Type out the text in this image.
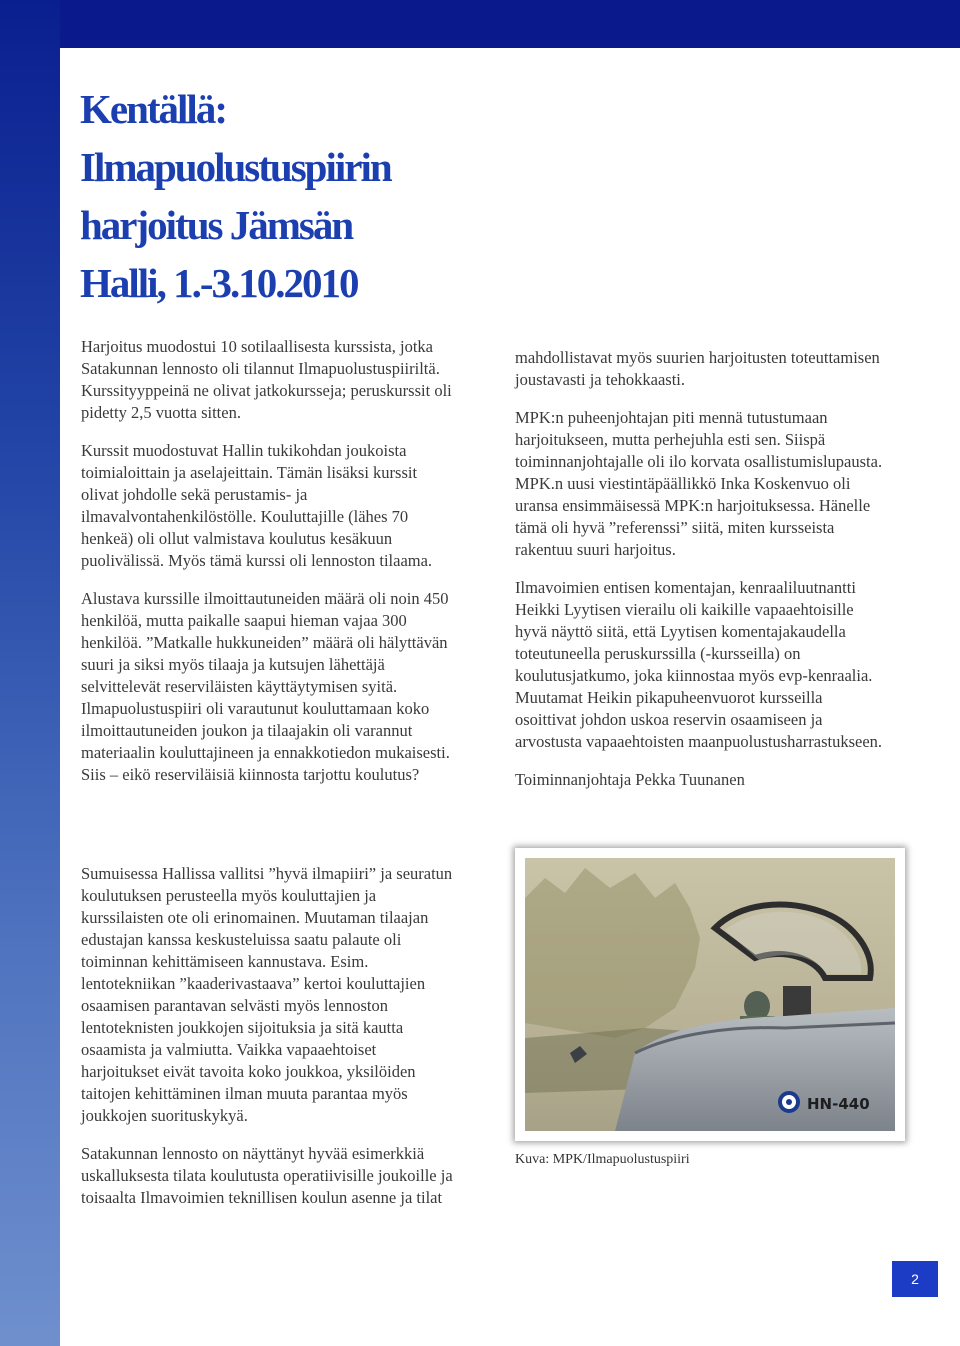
Kentällä:
Ilmapuolustuspiirin
harjoitus Jämsän
Halli, 1.-3.10.2010

Harjoitus muodostui 10 sotilaallisesta kurssista, jotka Satakunnan lennosto oli tilannut Ilmapuolustuspiiriltä. Kurssityyppeinä ne olivat jatkokursseja; peruskurssit oli pidetty 2,5 vuotta sitten.

Kurssit muodostuvat Hallin tukikohdan joukoista toimialoittain ja aselajeittain. Tämän lisäksi kurssit olivat johdolle sekä perustamis- ja ilmavalvontahenkilöstölle. Kouluttajille (lähes 70 henkeä) oli ollut valmistava koulutus kesäkuun puolivälissä. Myös tämä kurssi oli lennoston tilaama.

Alustava kurssille ilmoittautuneiden määrä oli noin 450 henkilöä, mutta paikalle saapui hieman vajaa 300 henkilöä. ”Matkalle hukkuneiden” määrä oli hälyttävän suuri ja siksi myös tilaaja ja kutsujen lähettäjä selvittelevät reserviläisten käyttäytymisen syitä. Ilmapuolustuspiiri oli varautunut kouluttamaan koko ilmoittautuneiden joukon ja tilaajakin oli varannut materiaalin kouluttajineen ja ennakkotiedon mukaisesti. Siis – eikö reserviläisiä kiinnosta tarjottu koulutus?

Sumuisessa Hallissa vallitsi ”hyvä ilmapiiri” ja seuratun koulutuksen perusteella myös kouluttajien ja kurssilaisten ote oli erinomainen. Muutaman tilaajan edustajan kanssa keskusteluissa saatu palaute oli toiminnan kehittämiseen kannustava. Esim. lentotekniikan ”kaaderivastaava” kertoi kouluttajien osaamisen parantavan selvästi myös lennoston lentoteknisten joukkojen sijoituksia ja sitä kautta osaamista ja valmiutta. Vaikka vapaaehtoiset harjoitukset eivät tavoita koko joukkoa, yksilöiden taitojen kehittäminen ilman muuta parantaa myös joukkojen suorituskykyä.

Satakunnan lennosto on näyttänyt hyvää esimerkkiä uskalluksesta tilata koulutusta operatiivisille joukoille ja toisaalta Ilmavoimien teknillisen koulun asenne ja tilat

mahdollistavat myös suurien harjoitusten toteuttamisen joustavasti ja tehokkaasti.

MPK:n puheenjohtajan piti mennä tutustumaan harjoitukseen, mutta perhejuhla esti sen. Siispä toiminnanjohtajalle oli ilo korvata osallistumislupausta. MPK.n uusi viestintäpäällikkö Inka Koskenvuo oli uransa ensimmäisessä MPK:n harjoituksessa. Hänelle tämä oli hyvä ”referenssi” siitä, miten kursseista rakentuu suuri harjoitus.

Ilmavoimien entisen komentajan, kenraaliluutnantti Heikki Lyytisen vierailu oli kaikille vapaaehtoisille hyvä näyttö siitä, että Lyytisen komentajakaudella toteutuneella peruskurssilla (-kursseilla) on koulutusjatkumo, joka kiinnostaa myös evp-kenraalia. Muutamat Heikin pikapuheenvuorot kursseilla osoittivat johdon uskoa reservin osaamiseen ja arvostusta vapaaehtoisten maanpuolustusharrastukseen.

Toiminnanjohtaja Pekka Tuunanen

HN-440
Kuva: MPK/Ilmapuolustuspiiri
2
